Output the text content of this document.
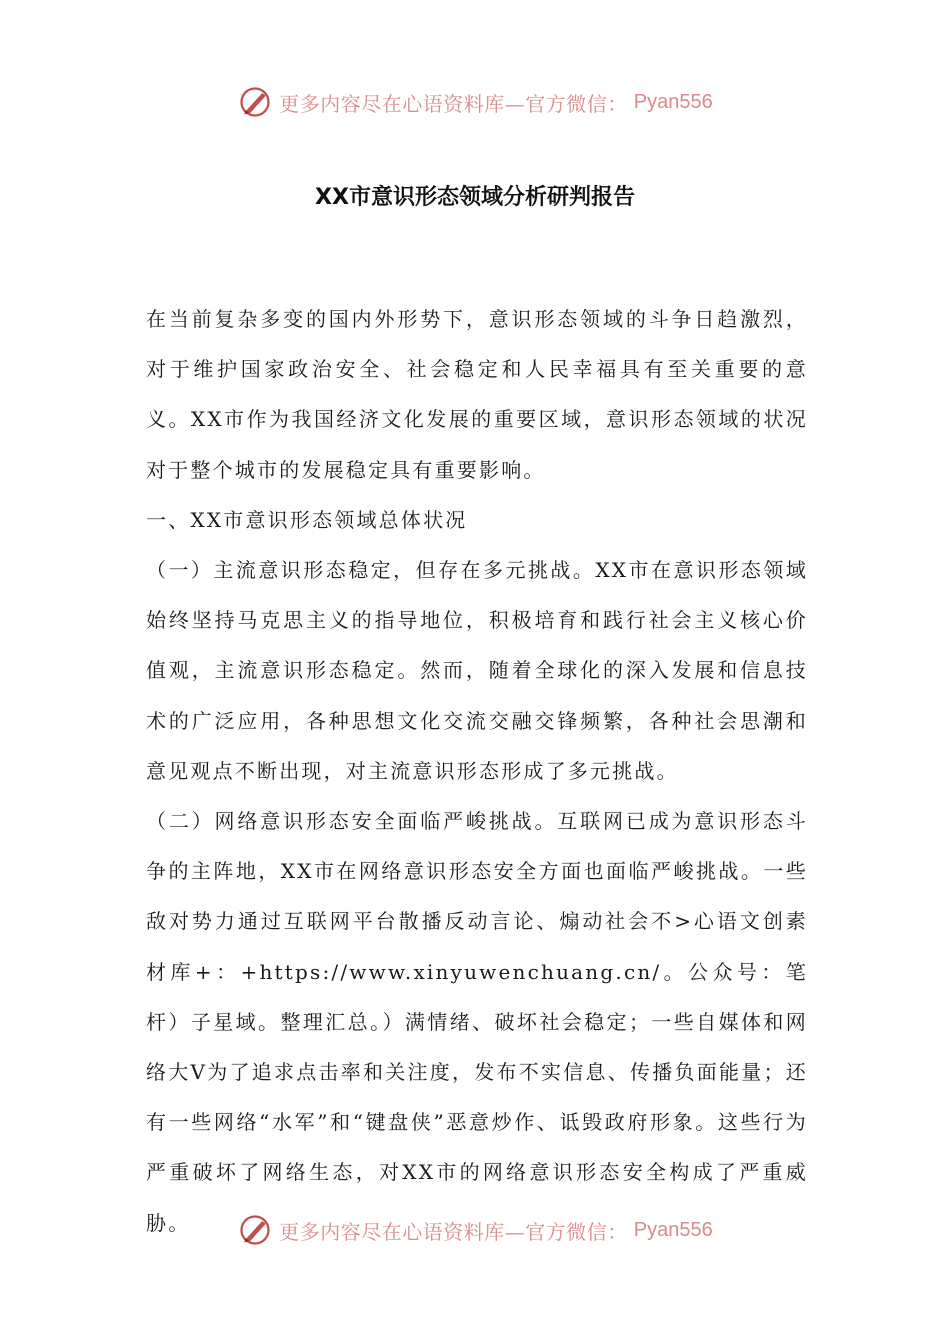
更多内容尽在心语资料库—官方微信： Pyan556
XX市意识形态领域分析研判报告

在当前复杂多变的国内外形势下，意识形态领域的斗争日趋激烈，对于维护国家政治安全、社会稳定和人民幸福具有至关重要的意义。XX市作为我国经济文化发展的重要区域，意识形态领域的状况对于整个城市的发展稳定具有重要影响。

一、XX市意识形态领域总体状况

（一）主流意识形态稳定，但存在多元挑战。XX市在意识形态领域始终坚持马克思主义的指导地位，积极培育和践行社会主义核心价值观，主流意识形态稳定。然而，随着全球化的深入发展和信息技术的广泛应用，各种思想文化交流交融交锋频繁，各种社会思潮和意见观点不断出现，对主流意识形态形成了多元挑战。

（二）网络意识形态安全面临严峻挑战。互联网已成为意识形态斗争的主阵地，XX市在网络意识形态安全方面也面临严峻挑战。一些敌对势力通过互联网平台散播反动言论、煽动社会不>心语文创素材库+：+https://www.xinyuwenchuang.cn/。公众号：笔杆）子星域。整理汇总。）满情绪、破坏社会稳定；一些自媒体和网络大V为了追求点击率和关注度，发布不实信息、传播负面能量；还有一些网络“水军”和“键盘侠”恶意炒作、诋毁政府形象。这些行为严重破坏了网络生态，对XX市的网络意识形态安全构成了严重威胁。	更多内容尽在心语资料库—官方微信： Pyan556
